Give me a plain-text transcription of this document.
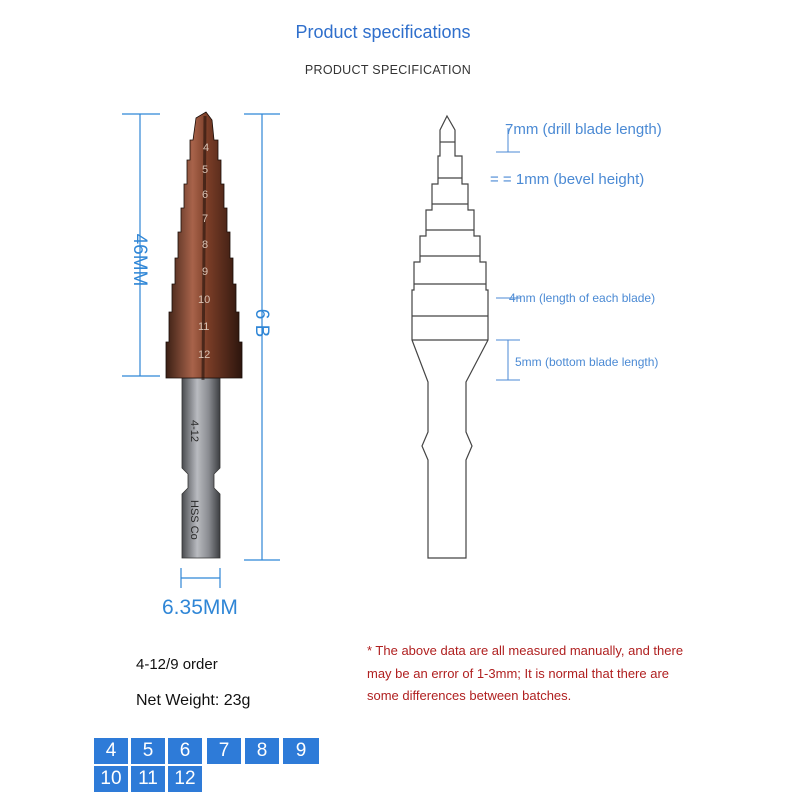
Product specifications
PRODUCT SPECIFICATION
4
5
6
7
8
9
10
11
12
4-12
HSS Co
46MM
6 B
6.35MM
7mm (drill blade length)
= = 1mm (bevel height)
4mm (length of each blade)
5mm (bottom blade length)
* The above data are all measured manually, and there may be an error of 1-3mm; It is normal that there are some differences between batches.
4-12/9 order
Net Weight: 23g
4	5	6	7	8	9
10 11 12
